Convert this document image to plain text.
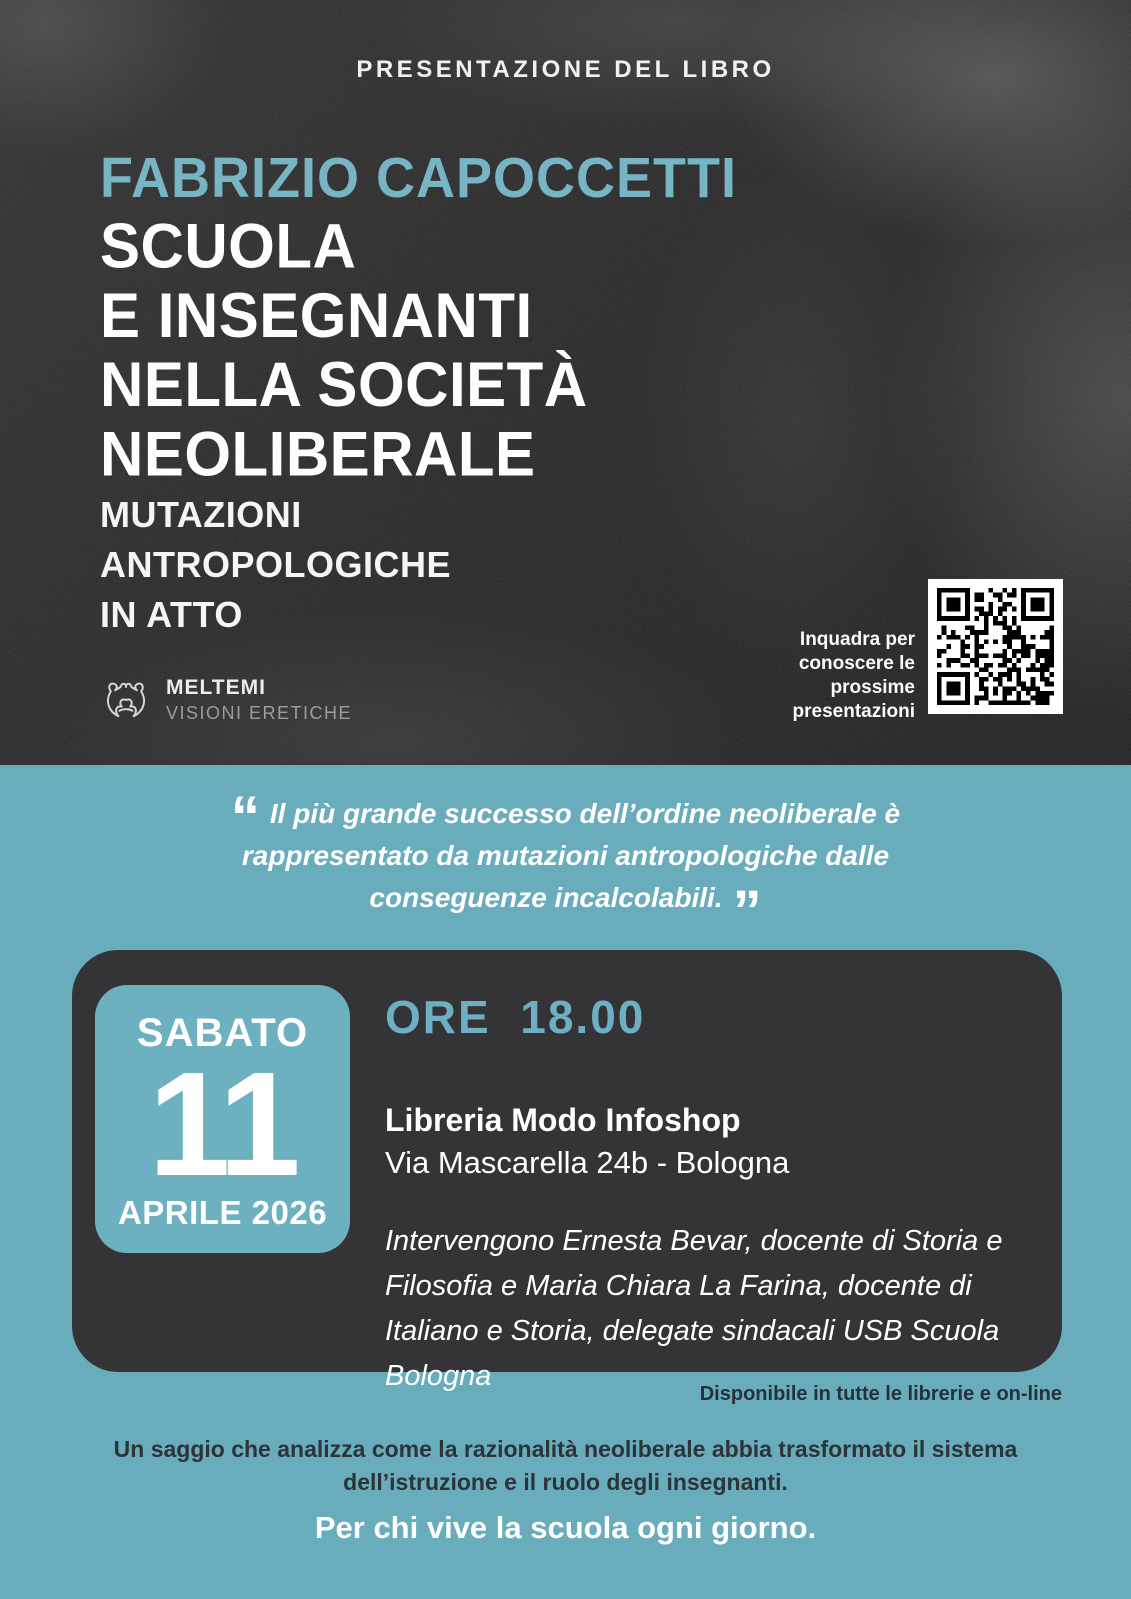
PRESENTAZIONE DEL LIBRO
FABRIZIO CAPOCCETTI
SCUOLA
E INSEGNANTI
NELLA SOCIETÀ
NEOLIBERALE
MUTAZIONI
ANTROPOLOGICHE
IN ATTO
MELTEMI
VISIONI ERETICHE
Inquadra per
conoscere le
prossime
presentazioni
“ Il più grande successo dell’ordine neoliberale è
rappresentato da mutazioni antropologiche dalle
conseguenze incalcolabili. ”
SABATO
11
APRILE 2026
ORE  18.00
Libreria Modo Infoshop
Via Mascarella 24b - Bologna
Intervengono Ernesta Bevar, docente di Storia e Filosofia e Maria Chiara La Farina, docente di Italiano e Storia, delegate sindacali USB Scuola Bologna
Disponibile in tutte le librerie e on-line
Un saggio che analizza come la razionalità neoliberale abbia trasformato il sistema
dell’istruzione e il ruolo degli insegnanti.
Per chi vive la scuola ogni giorno.
